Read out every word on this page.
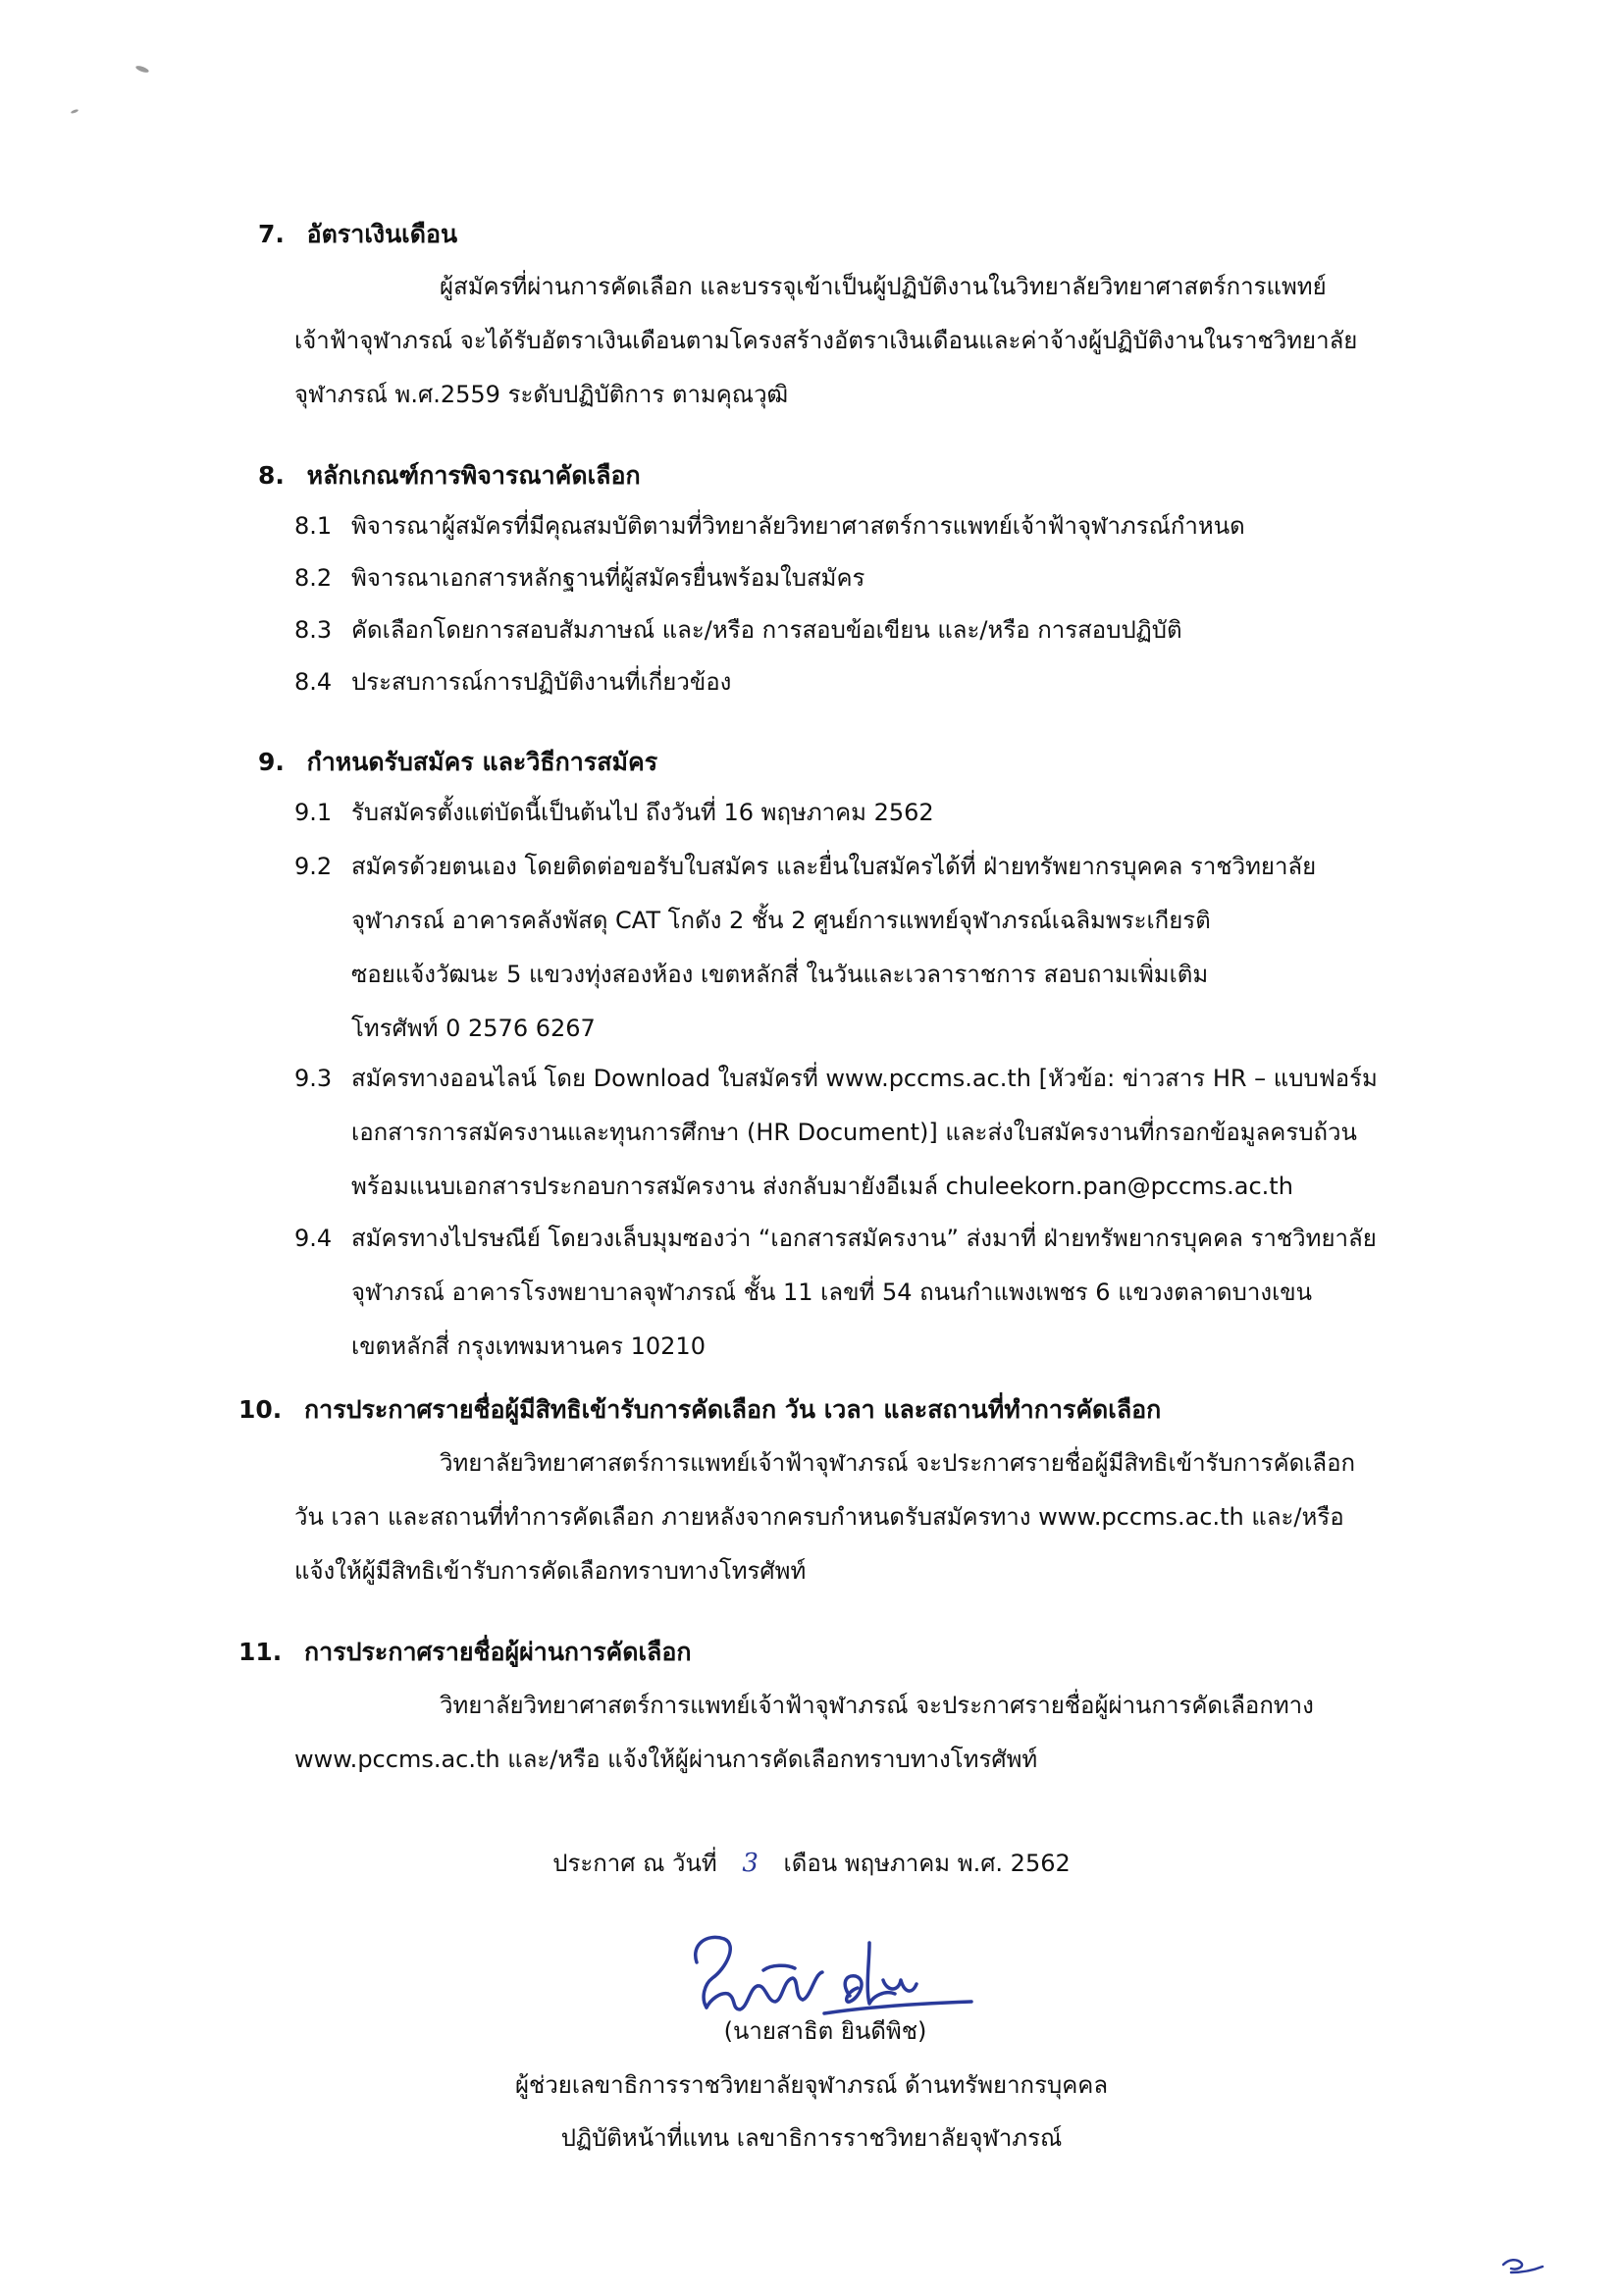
7. อัตราเงินเดือน
ผู้สมัครที่ผ่านการคัดเลือก และบรรจุเข้าเป็นผู้ปฏิบัติงานในวิทยาลัยวิทยาศาสตร์การแพทย์
เจ้าฟ้าจุฬาภรณ์ จะได้รับอัตราเงินเดือนตามโครงสร้างอัตราเงินเดือนและค่าจ้างผู้ปฏิบัติงานในราชวิทยาลัย
จุฬาภรณ์ พ.ศ.2559 ระดับปฏิบัติการ ตามคุณวุฒิ
8. หลักเกณฑ์การพิจารณาคัดเลือก
8.1 พิจารณาผู้สมัครที่มีคุณสมบัติตามที่วิทยาลัยวิทยาศาสตร์การแพทย์เจ้าฟ้าจุฬาภรณ์กำหนด
8.2 พิจารณาเอกสารหลักฐานที่ผู้สมัครยื่นพร้อมใบสมัคร
8.3 คัดเลือกโดยการสอบสัมภาษณ์ และ/หรือ การสอบข้อเขียน และ/หรือ การสอบปฏิบัติ
8.4 ประสบการณ์การปฏิบัติงานที่เกี่ยวข้อง
9. กำหนดรับสมัคร และวิธีการสมัคร
9.1 รับสมัครตั้งแต่บัดนี้เป็นต้นไป ถึงวันที่ 16 พฤษภาคม 2562
9.2 สมัครด้วยตนเอง โดยติดต่อขอรับใบสมัคร และยื่นใบสมัครได้ที่ ฝ่ายทรัพยากรบุคคล ราชวิทยาลัย
จุฬาภรณ์ อาคารคลังพัสดุ CAT โกดัง 2 ชั้น 2 ศูนย์การแพทย์จุฬาภรณ์เฉลิมพระเกียรติ
ซอยแจ้งวัฒนะ 5 แขวงทุ่งสองห้อง เขตหลักสี่ ในวันและเวลาราชการ สอบถามเพิ่มเติม
โทรศัพท์ 0 2576 6267
9.3 สมัครทางออนไลน์ โดย Download ใบสมัครที่ www.pccms.ac.th [หัวข้อ: ข่าวสาร HR – แบบฟอร์ม
เอกสารการสมัครงานและทุนการศึกษา (HR Document)] และส่งใบสมัครงานที่กรอกข้อมูลครบถ้วน
พร้อมแนบเอกสารประกอบการสมัครงาน ส่งกลับมายังอีเมล์ chuleekorn.pan@pccms.ac.th
9.4 สมัครทางไปรษณีย์ โดยวงเล็บมุมซองว่า “เอกสารสมัครงาน” ส่งมาที่ ฝ่ายทรัพยากรบุคคล ราชวิทยาลัย
จุฬาภรณ์ อาคารโรงพยาบาลจุฬาภรณ์ ชั้น 11 เลขที่ 54 ถนนกำแพงเพชร 6 แขวงตลาดบางเขน
เขตหลักสี่ กรุงเทพมหานคร 10210
10. การประกาศรายชื่อผู้มีสิทธิเข้ารับการคัดเลือก วัน เวลา และสถานที่ทำการคัดเลือก
วิทยาลัยวิทยาศาสตร์การแพทย์เจ้าฟ้าจุฬาภรณ์ จะประกาศรายชื่อผู้มีสิทธิเข้ารับการคัดเลือก
วัน เวลา และสถานที่ทำการคัดเลือก ภายหลังจากครบกำหนดรับสมัครทาง www.pccms.ac.th และ/หรือ
แจ้งให้ผู้มีสิทธิเข้ารับการคัดเลือกทราบทางโทรศัพท์
11. การประกาศรายชื่อผู้ผ่านการคัดเลือก
วิทยาลัยวิทยาศาสตร์การแพทย์เจ้าฟ้าจุฬาภรณ์ จะประกาศรายชื่อผู้ผ่านการคัดเลือกทาง
www.pccms.ac.th และ/หรือ แจ้งให้ผู้ผ่านการคัดเลือกทราบทางโทรศัพท์
ประกาศ ณ วันที่ 3 เดือน พฤษภาคม พ.ศ. 2562
(นายสาธิต ยินดีพิช)
ผู้ช่วยเลขาธิการราชวิทยาลัยจุฬาภรณ์ ด้านทรัพยากรบุคคล
ปฏิบัติหน้าที่แทน เลขาธิการราชวิทยาลัยจุฬาภรณ์
